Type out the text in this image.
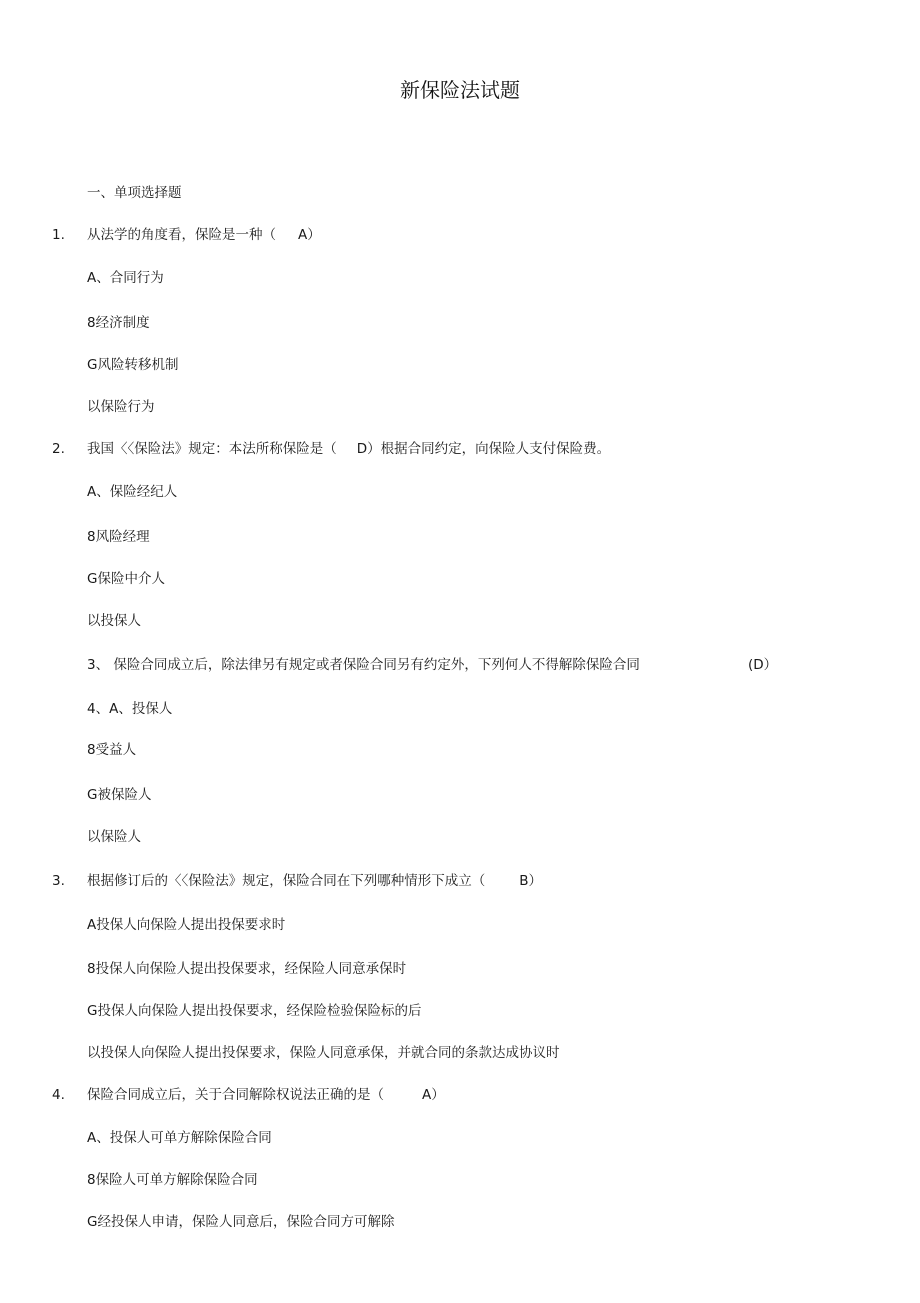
新保险法试题
一、单项选择题
1. 从法学的角度看，保险是一种（ A）
A、合同行为
8经济制度
G风险转移机制
以保险行为
2. 我国〈〈保险法》规定：本法所称保险是（ D）根据合同约定，向保险人支付保险费。
A、保险经纪人
8风险经理
G保险中介人
以投保人
3、 保险合同成立后，除法律另有规定或者保险合同另有约定外，下列何人不得解除保险合同	(D）
4、A、投保人
8受益人
G被保险人
以保险人
3. 根据修订后的〈〈保险法》规定，保险合同在下列哪种情形下成立（	B）
A投保人向保险人提出投保要求时
8投保人向保险人提出投保要求，经保险人同意承保时
G投保人向保险人提出投保要求，经保险检验保险标的后
以投保人向保险人提出投保要求，保险人同意承保，并就合同的条款达成协议时
4. 保险合同成立后，关于合同解除权说法正确的是（	A）
A、投保人可单方解除保险合同
8保险人可单方解除保险合同
G经投保人申请，保险人同意后，保险合同方可解除
